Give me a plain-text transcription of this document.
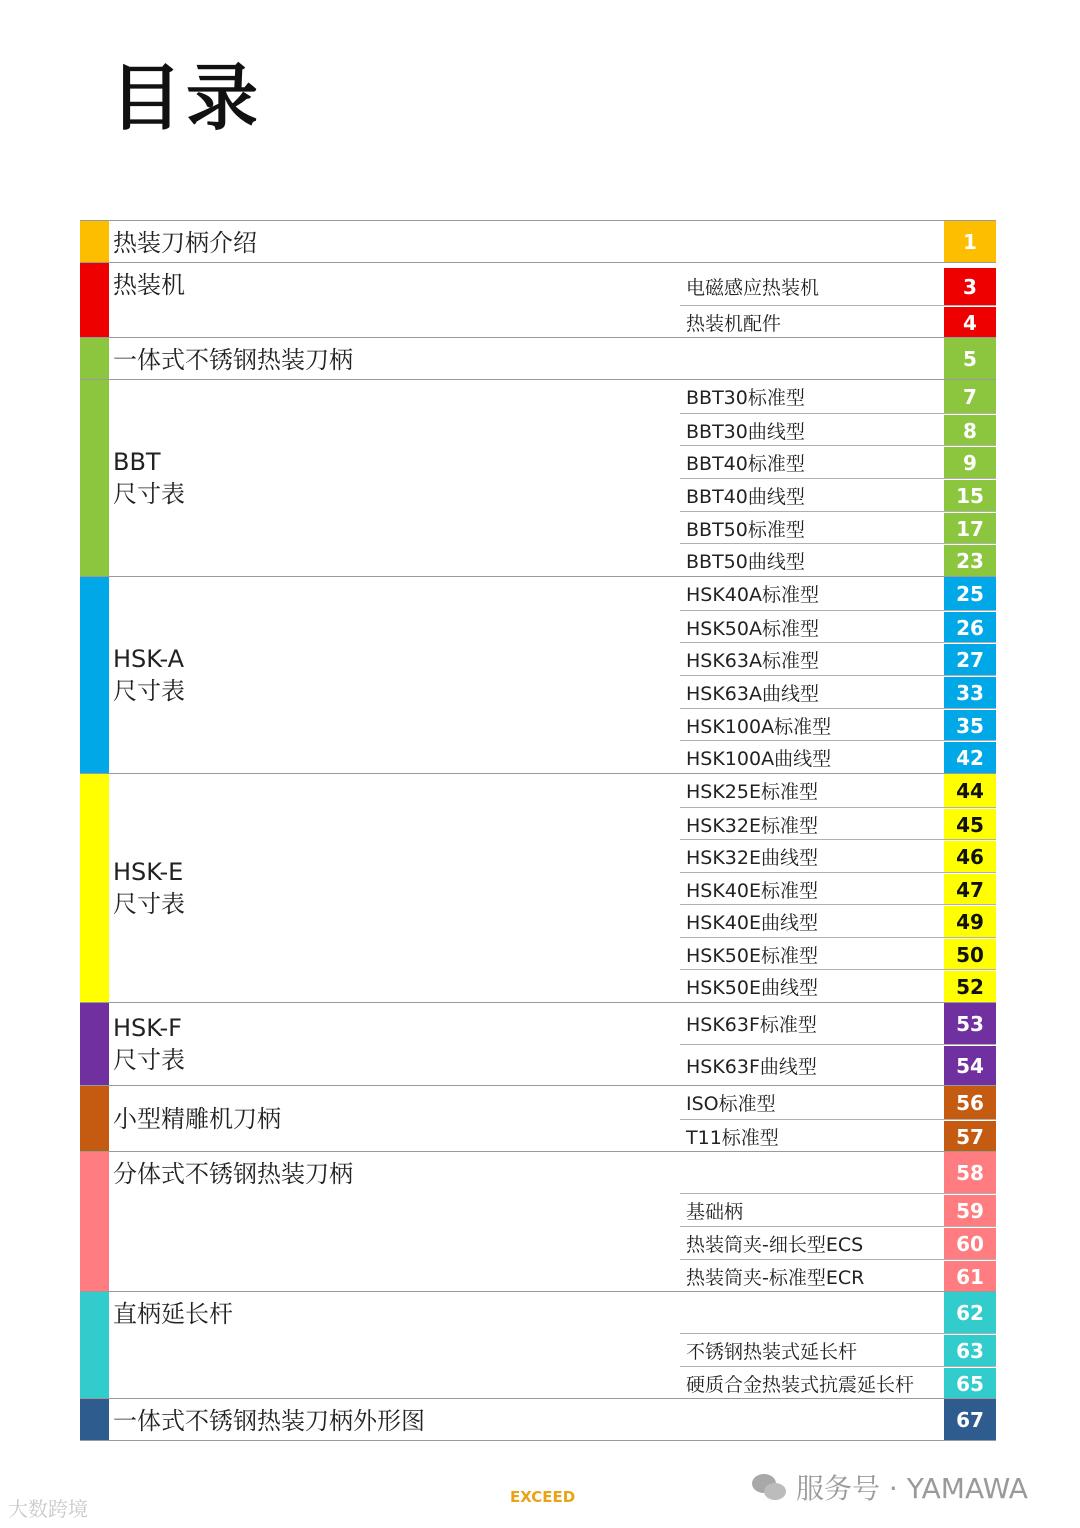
目录
热装刀柄介绍	1
热装机	电磁感应热装机	3
热装机配件	4
一体式不锈钢热装刀柄	5
BBT
尺寸表
BBT30标准型	7
BBT30曲线型	8
BBT40标准型	9
BBT40曲线型	15
BBT50标准型	17
BBT50曲线型	23
HSK-A
尺寸表
HSK40A标准型	25
HSK50A标准型	26
HSK63A标准型	27
HSK63A曲线型	33
HSK100A标准型	35
HSK100A曲线型	42
HSK-E
尺寸表
HSK25E标准型	44
HSK32E标准型	45
HSK32E曲线型	46
HSK40E标准型	47
HSK40E曲线型	49
HSK50E标准型	50
HSK50E曲线型	52
HSK-F
尺寸表
HSK63F标准型	53
HSK63F曲线型	54
小型精雕机刀柄
ISO标准型	56
T11标准型	57
分体式不锈钢热装刀柄	58
基础柄	59
热装筒夹-细长型ECS	60
热装筒夹-标准型ECR	61
直柄延长杆	62
不锈钢热装式延长杆	63
硬质合金热装式抗震延长杆	65
一体式不锈钢热装刀柄外形图	67
EXCEED
大数跨境
服务号 · YAMAWA
